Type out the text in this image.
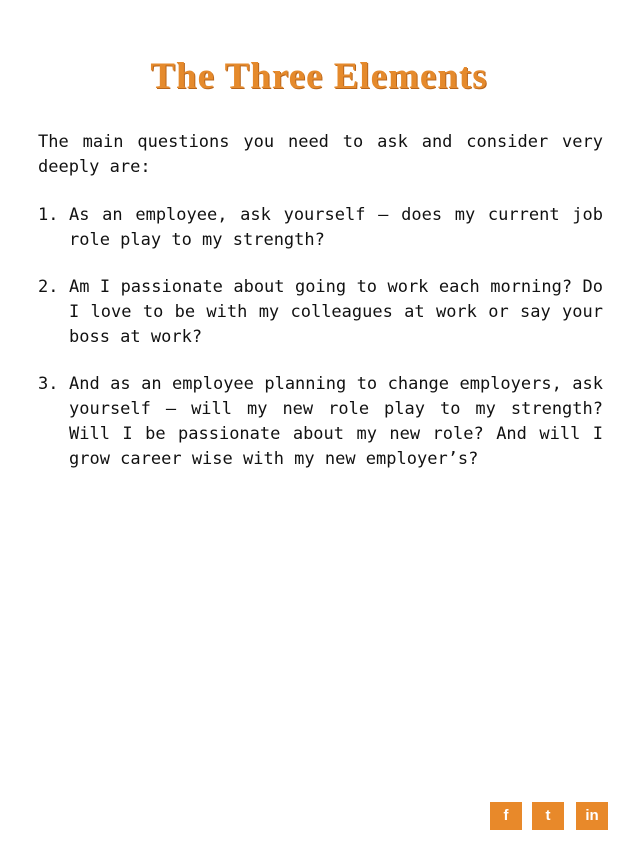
The Three Elements

The main questions you need to ask and consider very deeply are:

1. As an employee, ask yourself – does my current job role play to my strength?
2. Am I passionate about going to work each morning? Do I love to be with my colleagues at work or say your boss at work?
3. And as an employee planning to change employers, ask yourself – will my new role play to my strength? Will I be passionate about my new role? And will I grow career wise with my new employer’s?
f	t	in
